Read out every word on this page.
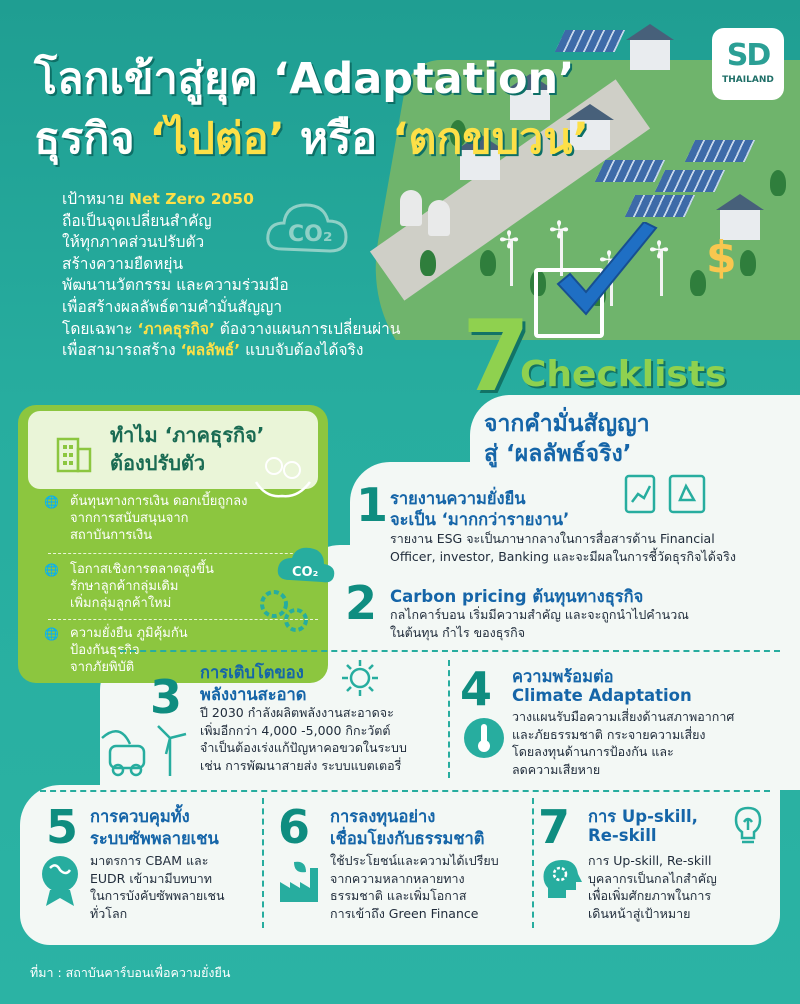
✢
✢
✢
✢
โลกเข้าสู่ยุค ‘Adaptation’
ธุรกิจ ‘ไปต่อ’ หรือ ‘ตกขบวน’
SD
THAILAND

เป้าหมาย Net Zero 2050

ถือเป็นจุดเปลี่ยนสำคัญ

ให้ทุกภาคส่วนปรับตัว

สร้างความยืดหยุ่น

พัฒนานวัตกรรม และความร่วมมือ

เพื่อสร้างผลลัพธ์ตามคำมั่นสัญญา

โดยเฉพาะ ‘ภาคธุรกิจ’ ต้องวางแผนการเปลี่ยนผ่าน

เพื่อสามารถสร้าง ‘ผลลัพธ์’ แบบจับต้องได้จริง

CO₂	$
7
Checklists
จากคำมั่นสัญญา
สู่ ‘ผลลัพธ์จริง’
ทำไม ‘ภาคธุรกิจ’
ต้องปรับตัว
🌐 ต้นทุนทางการเงิน ดอกเบี้ยถูกลง

จากการสนับสนุนจาก

สถาบันการเงิน

🌐 โอกาสเชิงการตลาดสูงขึ้น

รักษาลูกค้ากลุ่มเดิม

เพิ่มกลุ่มลูกค้าใหม่

🌐 ความยั่งยืน ภูมิคุ้มกัน

ป้องกันธุรกิจ

จากภัยพิบัติ

1 รายงานความยั่งยืน
จะเป็น ‘มากกว่ารายงาน’

รายงาน ESG จะเป็นภาษากลางในการสื่อสารด้าน Financial

Officer, investor, Banking และจะมีผลในการชี้วัดธุรกิจได้จริง

CO₂
2 Carbon pricing ต้นทุนทางธุรกิจ

กลไกคาร์บอน เริ่มมีความสำคัญ และจะถูกนำไปคำนวณ

ในต้นทุน กำไร ของธุรกิจ

3 การเติบโตของ
พลังงานสะอาด

ปี 2030 กำลังผลิตพลังงานสะอาดจะ

เพิ่มอีกกว่า 4,000 -5,000 กิกะวัตต์

จำเป็นต้องเร่งแก้ปัญหาคอขวดในระบบ

เช่น การพัฒนาสายส่ง ระบบแบตเตอรี่

4 ความพร้อมต่อ
Climate Adaptation

วางแผนรับมือความเสี่ยงด้านสภาพอากาศ

และภัยธรรมชาติ กระจายความเสี่ยง

โดยลงทุนด้านการป้องกัน และ

ลดความเสียหาย

5 การควบคุมทั้ง
ระบบซัพพลายเชน

มาตรการ CBAM และ

EUDR เข้ามามีบทบาท

ในการบังคับซัพพลายเชน

ทั่วโลก

6 การลงทุนอย่าง
เชื่อมโยงกับธรรมชาติ

ใช้ประโยชน์และความได้เปรียบ

จากความหลากหลายทาง

ธรรมชาติ และเพิ่มโอกาส

การเข้าถึง Green Finance

7 การ Up-skill,
Re-skill

การ Up-skill, Re-skill

บุคลากรเป็นกลไกสำคัญ

เพื่อเพิ่มศักยภาพในการ

เดินหน้าสู่เป้าหมาย

ที่มา : สถาบันคาร์บอนเพื่อความยั่งยืน
